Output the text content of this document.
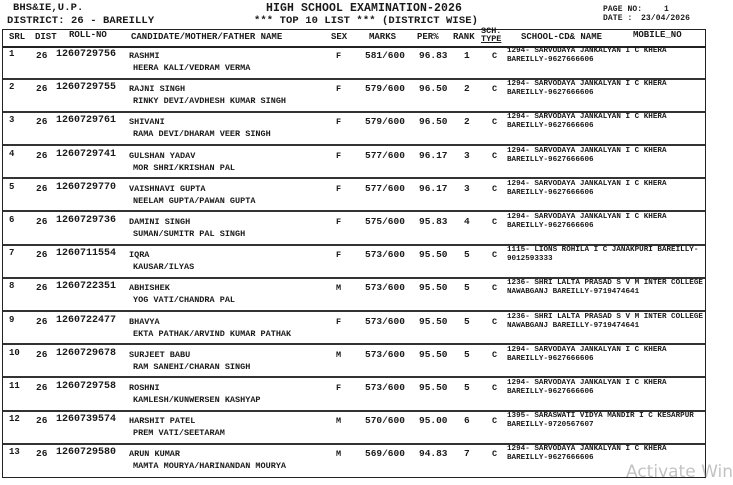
BHS&IE,U.P.
DISTRICT: 26 - BAREILLY
HIGH SCHOOL EXAMINATION-2026
*** TOP 10 LIST *** (DISTRICT WISE)
PAGE NO:	1
DATE : 23/04/2026
SRL DIST ROLL-NO	CANDIDATE/MOTHER/FATHER NAME	SEX MARKS PER% RANK
SCH.
TYPE SCHOOL-CD& NAME	MOBILE_NO
1 26 1260729756 RASHMI
HEERA KALI/VEDRAM VERMA
F	581/600 96.83 1	C 1294- SARVODAYA JANKALYAN I C KHERA BAREILLY-9627666606
2 26 1260729755 RAJNI SINGH
RINKY DEVI/AVDHESH KUMAR SINGH
F	579/600 96.50 2	C 1294- SARVODAYA JANKALYAN I C KHERA BAREILLY-9627666606
3 26 1260729761 SHIVANI
RAMA DEVI/DHARAM VEER SINGH
F	579/600 96.50 2	C 1294- SARVODAYA JANKALYAN I C KHERA BAREILLY-9627666606
4 26 1260729741 GULSHAN YADAV
MOR SHRI/KRISHAN PAL
F	577/600 96.17 3	C 1294- SARVODAYA JANKALYAN I C KHERA BAREILLY-9627666606
5 26 1260729770 VAISHNAVI GUPTA
NEELAM GUPTA/PAWAN GUPTA
F	577/600 96.17 3	C 1294- SARVODAYA JANKALYAN I C KHERA BAREILLY-9627666606
6 26 1260729736 DAMINI SINGH
SUMAN/SUMITR PAL SINGH
F	575/600 95.83 4	C 1294- SARVODAYA JANKALYAN I C KHERA BAREILLY-9627666606
7 26 1260711554 IQRA
KAUSAR/ILYAS
F	573/600 95.50 5	C 1115- LIONS ROHILA I C JANAKPURI BAREILLY-9012593333
8 26 1260722351 ABHISHEK
YOG VATI/CHANDRA PAL
M	573/600 95.50 5	C 1236- SHRI LALTA PRASAD S V M INTER COLLEGE NAWABGANJ BAREILLY-9719474641
9 26 1260722477 BHAVYA
EKTA PATHAK/ARVIND KUMAR PATHAK
F	573/600 95.50 5	C 1236- SHRI LALTA PRASAD S V M INTER COLLEGE NAWABGANJ BAREILLY-9719474641
10 26 1260729678 SURJEET BABU
RAM SANEHI/CHARAN SINGH
M	573/600 95.50 5	C 1294- SARVODAYA JANKALYAN I C KHERA BAREILLY-9627666606
11 26 1260729758 ROSHNI
KAMLESH/KUNWERSEN KASHYAP
F	573/600 95.50 5	C 1294- SARVODAYA JANKALYAN I C KHERA BAREILLY-9627666606
12 26 1260739574 HARSHIT PATEL
PREM VATI/SEETARAM
M	570/600 95.00 6	C 1395- SARASWATI VIDYA MANDIR I C KESARPUR BAREILLY-9720567607
13 26 1260729580 ARUN KUMAR
MAMTA MOURYA/HARINANDAN MOURYA
M	569/600 94.83 7	C 1294- SARVODAYA JANKALYAN I C KHERA BAREILLY-9627666606
Activate Win
